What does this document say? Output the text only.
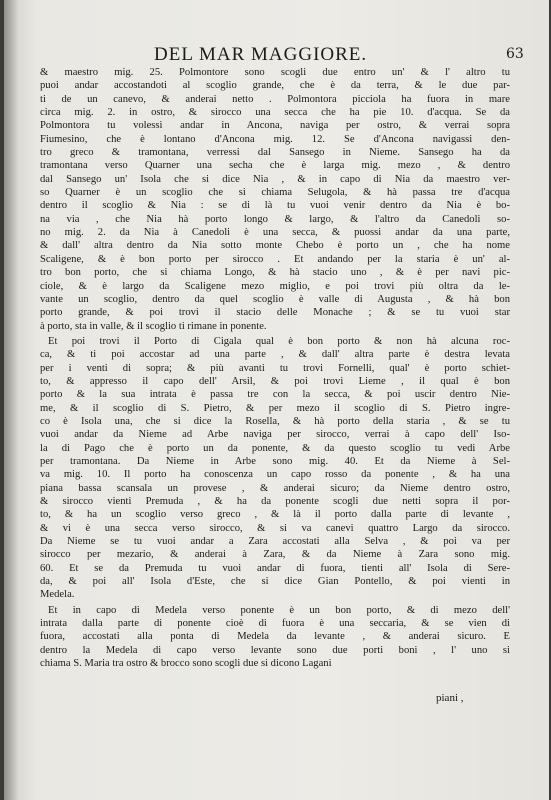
DEL MAR MAGGIORE.	63
& maestro mig. 25. Polmontore sono scogli due entro un' & l' altro tu
puoi andar accostandoti al scoglio grande, che è da terra, & le due par-
ti de un canevo, & anderai netto . Polmontora picciola ha fuora in mare
circa mig. 2. in ostro, & sirocco una secca che ha pie 10. d'acqua. Se da
Polmontora tu volessi andar in Ancona, naviga per ostro, & verrai sopra
Fiumesino, che è lontano d'Ancona mig. 12. Se d'Ancona navigassi den-
tro greco & tramontana, verressi dal Sansego in Nieme. Sansego ha da
tramontana verso Quarner una secha che è larga mig. mezo , & dentro
dal Sansego un' Isola che si dice Nia , & in capo di Nia da maestro ver-
so Quarner è un scoglio che si chiama Selugola, & hà passa tre d'acqua
dentro il scoglio & Nia : se di là tu vuoi venir dentro da Nia è bo-
na via , che Nia hà porto longo & largo, & l'altro da Canedoli so-
no mig. 2. da Nia à Canedoli è una secca, & puossi andar da una parte,
& dall' altra dentro da Nia sotto monte Chebo è porto un , che ha nome
Scaligene, & è bon porto per sirocco . Et andando per la staria è un' al-
tro bon porto, che si chiama Longo, & hà stacio uno , & è per navi pic-
ciole, & è largo da Scaligene mezo miglio, e poi trovi più oltra da le-
vante un scoglio, dentro da quel scoglio è valle di Augusta , & hà bon
porto grande, & poi trovi il stacio delle Monache ; & se tu vuoi star
à porto, sta in valle, & il scoglio ti rimane in ponente.
Et poi trovi il Porto di Cigala qual è bon porto & non hà alcuna roc-
ca, & ti poi accostar ad una parte , & dall' altra parte è destra levata
per i venti di sopra; & più avanti tu trovi Fornelli, qual' è porto schiet-
to, & appresso il capo dell' Arsil, & poi trovi Lieme , il qual è bon
porto & la sua intrata è passa tre con la secca, & poi uscir dentro Nie-
me, & il scoglio di S. Pietro, & per mezo il scoglio di S. Pietro ingre-
co è Isola una, che si dice la Rosella, & hà porto della staria , & se tu
vuoi andar da Nieme ad Arbe naviga per sirocco, verrai à capo dell' Iso-
la di Pago che è porto un da ponente, & da questo scoglio tu vedi Arbe
per tramontana. Da Nieme in Arbe sono mig. 40. Et da Nieme à Sel-
va mig. 10. Il porto ha conoscenza un capo rosso da ponente , & ha una
piana bassa scansala un provese , & anderai sicuro; da Nieme dentro ostro,
& sirocco vienti Premuda , & ha da ponente scogli due netti sopra il por-
to, & ha un scoglio verso greco , & là il porto dalla parte di levante ,
& vi è una secca verso sirocco, & si va canevi quattro Largo da sirocco.
Da Nieme se tu vuoi andar a Zara accostati alla Selva , & poi va per
sirocco per mezario, & anderai à Zara, & da Nieme à Zara sono mig.
60. Et se da Premuda tu vuoi andar di fuora, tienti all' Isola di Sere-
da, & poi all' Isola d'Este, che si dice Gian Pontello, & poi vienti in
Medela.
Et in capo di Medela verso ponente è un bon porto, & di mezo dell'
intrata dalla parte di ponente cioè di fuora è una seccaria, & se vien di
fuora, accostati alla ponta di Medela da levante , & anderai sicuro. E
dentro la Medela di capo verso levante sono due porti boni , l' uno si
chiama S. Maria tra ostro & brocco sono scogli due si dicono Lagani
piani ,
